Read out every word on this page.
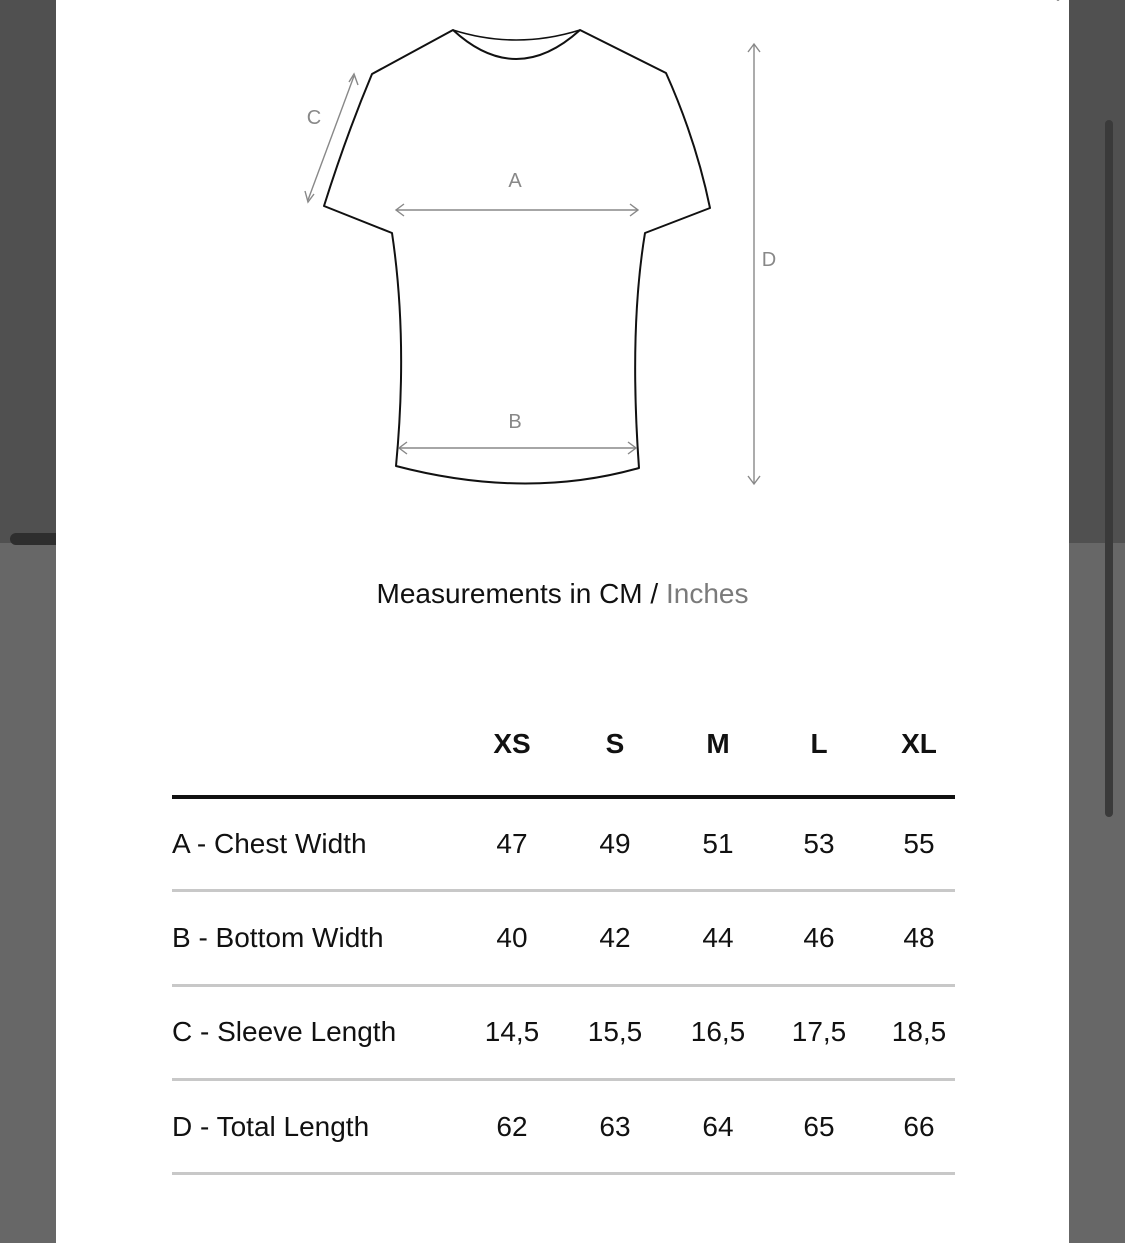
A
B
C
D
Measurements in CM / Inches
XS	S	M	L	XL
A - Chest Width	47	49	51	53	55
B - Bottom Width	40	42	44	46	48
C - Sleeve Length	14,5	15,5	16,5	17,5	18,5
D - Total Length	62	63	64	65	66
